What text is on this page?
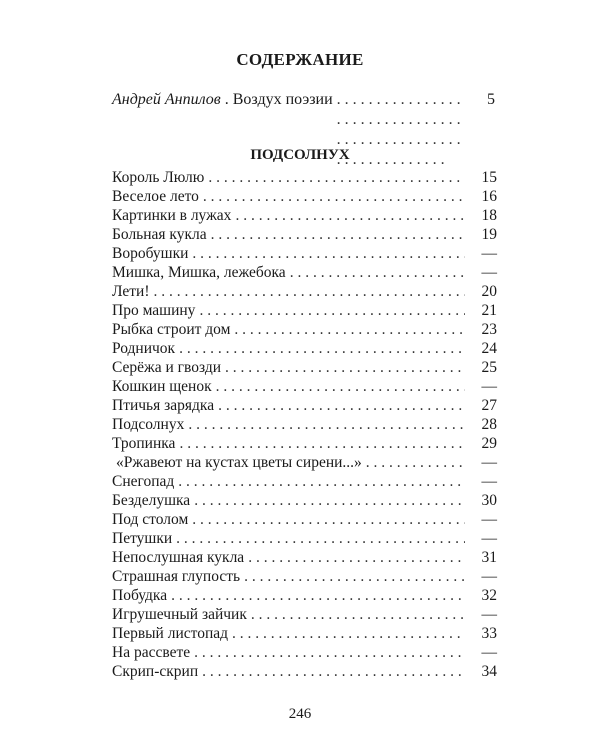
СОДЕРЖАНИЕ
Андрей Анпилов . Воздух поэзии . . .	5
ПОДСОЛНУХ
Король Люлю . . .	15
Веселое лето . . .	16
Картинки в лужах . . .	18
Больная кукла . . .	19
Воробушки . . .	—
Мишка, Мишка, лежебока . . .	—
Лети! . . .	20
Про машину . . .	21
Рыбка строит дом . . .	23
Родничок . . .	24
Серёжа и гвозди . . .	25
Кошкин щенок . . .	—
Птичья зарядка . . .	27
Подсолнух . . .	28
Тропинка . . .	29
«Ржавеют на кустах цветы сирени...» . . .	—
Снегопад . . .	—
Безделушка . . .	30
Под столом . . .	—
Петушки . . .	—
Непослушная кукла . . .	31
Страшная глупость . . .	—
Побудка . . .	32
Игрушечный зайчик . . .	—
Первый листопад . . .	33
На рассвете . . .	—
Скрип-скрип . . .	34
246
